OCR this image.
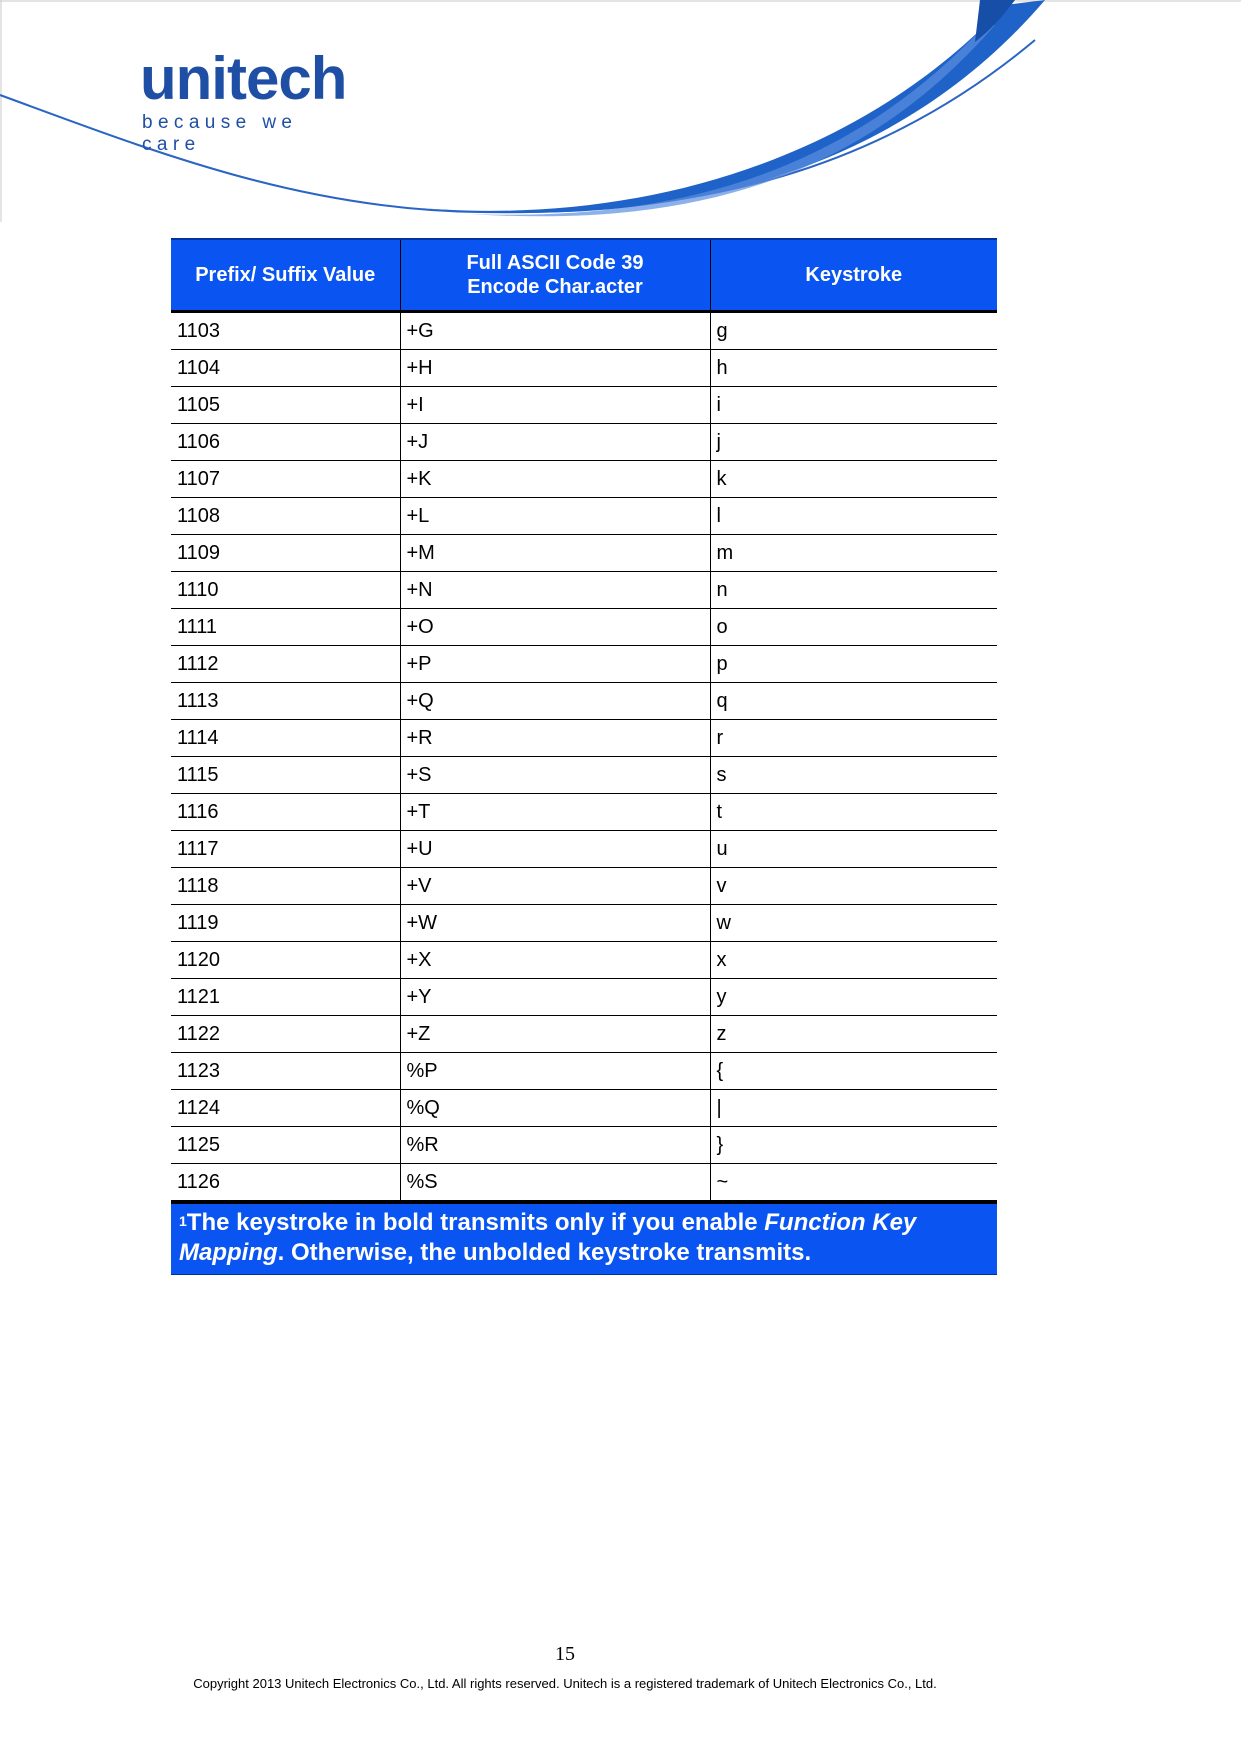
unitech
because we care
Prefix/ Suffix Value	Full ASCII Code 39
Encode Char.acter	Keystroke
1103	+G	g
1104	+H	h
1105	+I	i
1106	+J	j
1107	+K	k
1108	+L	l
1109	+M	m
1110	+N	n
1111	+O	o
1112	+P	p
1113	+Q	q
1114	+R	r
1115	+S	s
1116	+T	t
1117	+U	u
1118	+V	v
1119	+W	w
1120	+X	x
1121	+Y	y
1122	+Z	z
1123	%P	{
1124	%Q	|
1125	%R	}
1126	%S	~
$^1$The keystroke in bold transmits only if you enable Function Key Mapping. Otherwise, the unbolded keystroke transmits.
15
Copyright 2013 Unitech Electronics Co., Ltd. All rights reserved. Unitech is a registered trademark of Unitech Electronics Co., Ltd.
